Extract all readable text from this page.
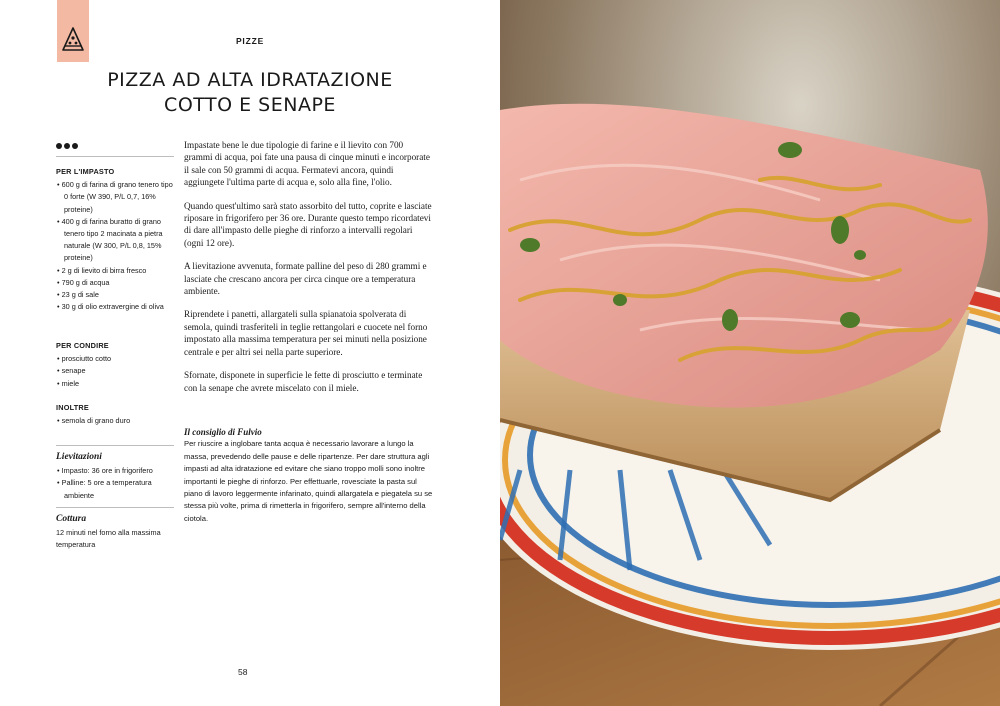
PIZZE
PIZZA AD ALTA IDRATAZIONE
COTTO E SENAPE
PER L'IMPASTO
• 600 g di farina di grano tenero tipo 0 forte (W 390, P/L 0,7, 16% proteine)
• 400 g di farina buratto di grano tenero tipo 2 macinata a pietra naturale (W 300, P/L 0,8, 15% proteine)
• 2 g di lievito di birra fresco
• 790 g di acqua
• 23 g di sale
• 30 g di olio extravergine di oliva
PER CONDIRE
• prosciutto cotto
• senape
• miele
INOLTRE
• semola di grano duro
Lievitazioni
• Impasto: 36 ore in frigorifero
• Palline: 5 ore a temperatura ambiente
Cottura
12 minuti nel forno alla massima temperatura

Impastate bene le due tipologie di farine e il lievito con 700 grammi di acqua, poi fate una pausa di cinque minuti e incorporate il sale con 50 grammi di acqua. Fermatevi ancora, quindi aggiungete l'ultima parte di acqua e, solo alla fine, l'olio.

Quando quest'ultimo sarà stato assorbito del tutto, coprite e lasciate riposare in frigorifero per 36 ore. Durante questo tempo ricordatevi di dare all'impasto delle pieghe di rinforzo a intervalli regolari (ogni 12 ore).

A lievitazione avvenuta, formate palline del peso di 280 grammi e lasciate che crescano ancora per circa cinque ore a temperatura ambiente.

Riprendete i panetti, allargateli sulla spianatoia spolverata di semola, quindi trasferiteli in teglie rettangolari e cuocete nel forno impostato alla massima temperatura per sei minuti nella posizione centrale e per altri sei nella parte superiore.

Sfornate, disponete in superficie le fette di prosciutto e terminate con la senape che avrete miscelato con il miele.

Il consiglio di Fulvio
Per riuscire a inglobare tanta acqua è necessario lavorare a lungo la massa, prevedendo delle pause e delle ripartenze. Per dare struttura agli impasti ad alta idratazione ed evitare che siano troppo molli sono inoltre importanti le pieghe di rinforzo. Per effettuarle, rovesciate la pasta sul piano di lavoro leggermente infarinato, quindi allargatela e piegatela su se stessa più volte, prima di rimetterla in frigorifero, sempre all'interno della ciotola.
58
